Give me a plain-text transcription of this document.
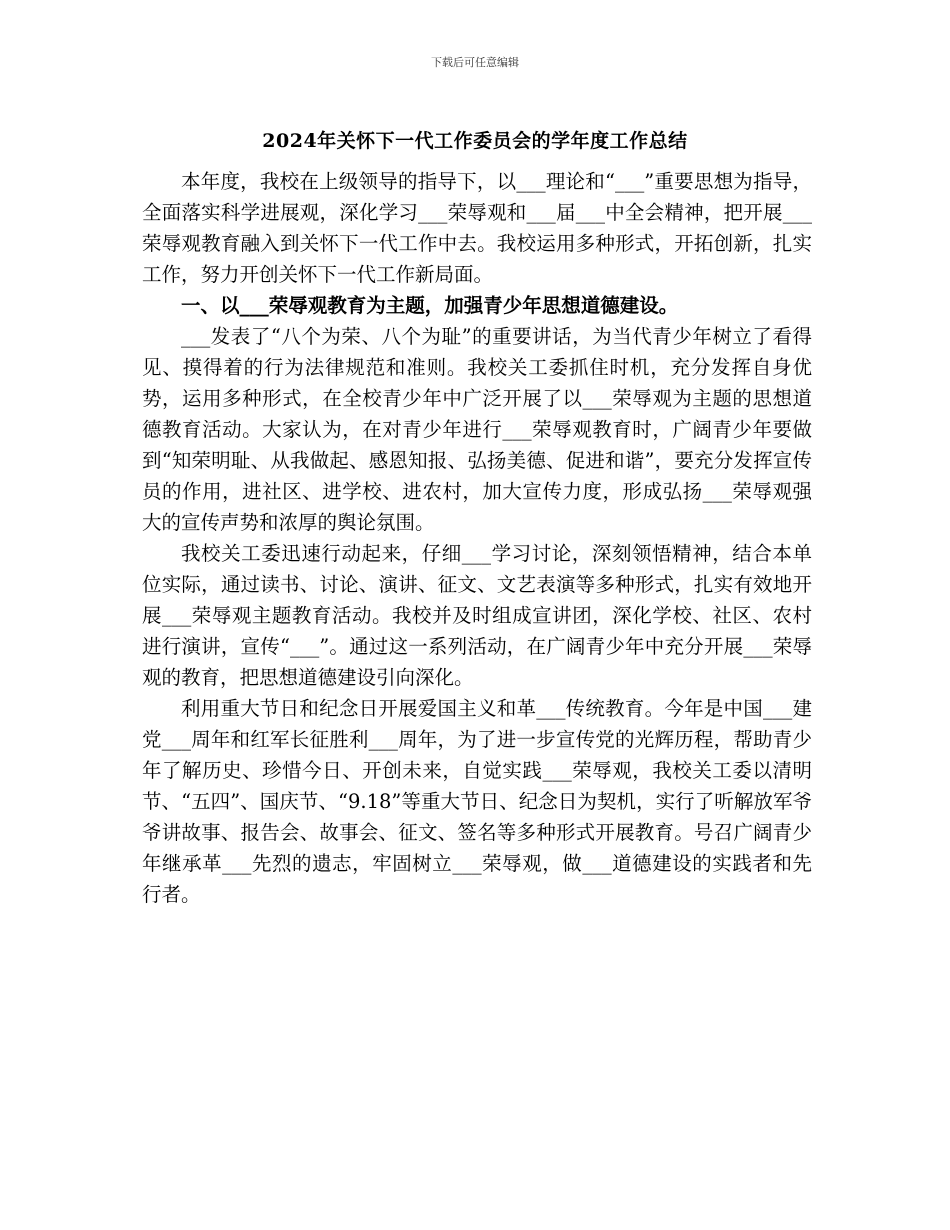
下载后可任意编辑
2024年关怀下一代工作委员会的学年度工作总结

本年度，我校在上级领导的指导下，以___理论和“___”重要思想为指导，全面落实科学进展观，深化学习___荣辱观和___届___中全会精神，把开展___荣辱观教育融入到关怀下一代工作中去。我校运用多种形式，开拓创新，扎实工作，努力开创关怀下一代工作新局面。

一、以___荣辱观教育为主题，加强青少年思想道德建设。

___发表了“八个为荣、八个为耻”的重要讲话，为当代青少年树立了看得见、摸得着的行为法律规范和准则。我校关工委抓住时机，充分发挥自身优势，运用多种形式，在全校青少年中广泛开展了以___荣辱观为主题的思想道德教育活动。大家认为，在对青少年进行___荣辱观教育时，广阔青少年要做到“知荣明耻、从我做起、感恩知报、弘扬美德、促进和谐”，要充分发挥宣传员的作用，进社区、进学校、进农村，加大宣传力度，形成弘扬___荣辱观强大的宣传声势和浓厚的舆论氛围。

我校关工委迅速行动起来，仔细___学习讨论，深刻领悟精神，结合本单位实际，通过读书、讨论、演讲、征文、文艺表演等多种形式，扎实有效地开展___荣辱观主题教育活动。我校并及时组成宣讲团，深化学校、社区、农村进行演讲，宣传“___”。通过这一系列活动，在广阔青少年中充分开展___荣辱观的教育，把思想道德建设引向深化。

利用重大节日和纪念日开展爱国主义和革___传统教育。今年是中国___建党___周年和红军长征胜利___周年，为了进一步宣传党的光辉历程，帮助青少年了解历史、珍惜今日、开创未来，自觉实践___荣辱观，我校关工委以清明节、“五四”、国庆节、“9.18”等重大节日、纪念日为契机，实行了听解放军爷爷讲故事、报告会、故事会、征文、签名等多种形式开展教育。号召广阔青少年继承革___先烈的遗志，牢固树立___荣辱观，做___道德建设的实践者和先行者。
